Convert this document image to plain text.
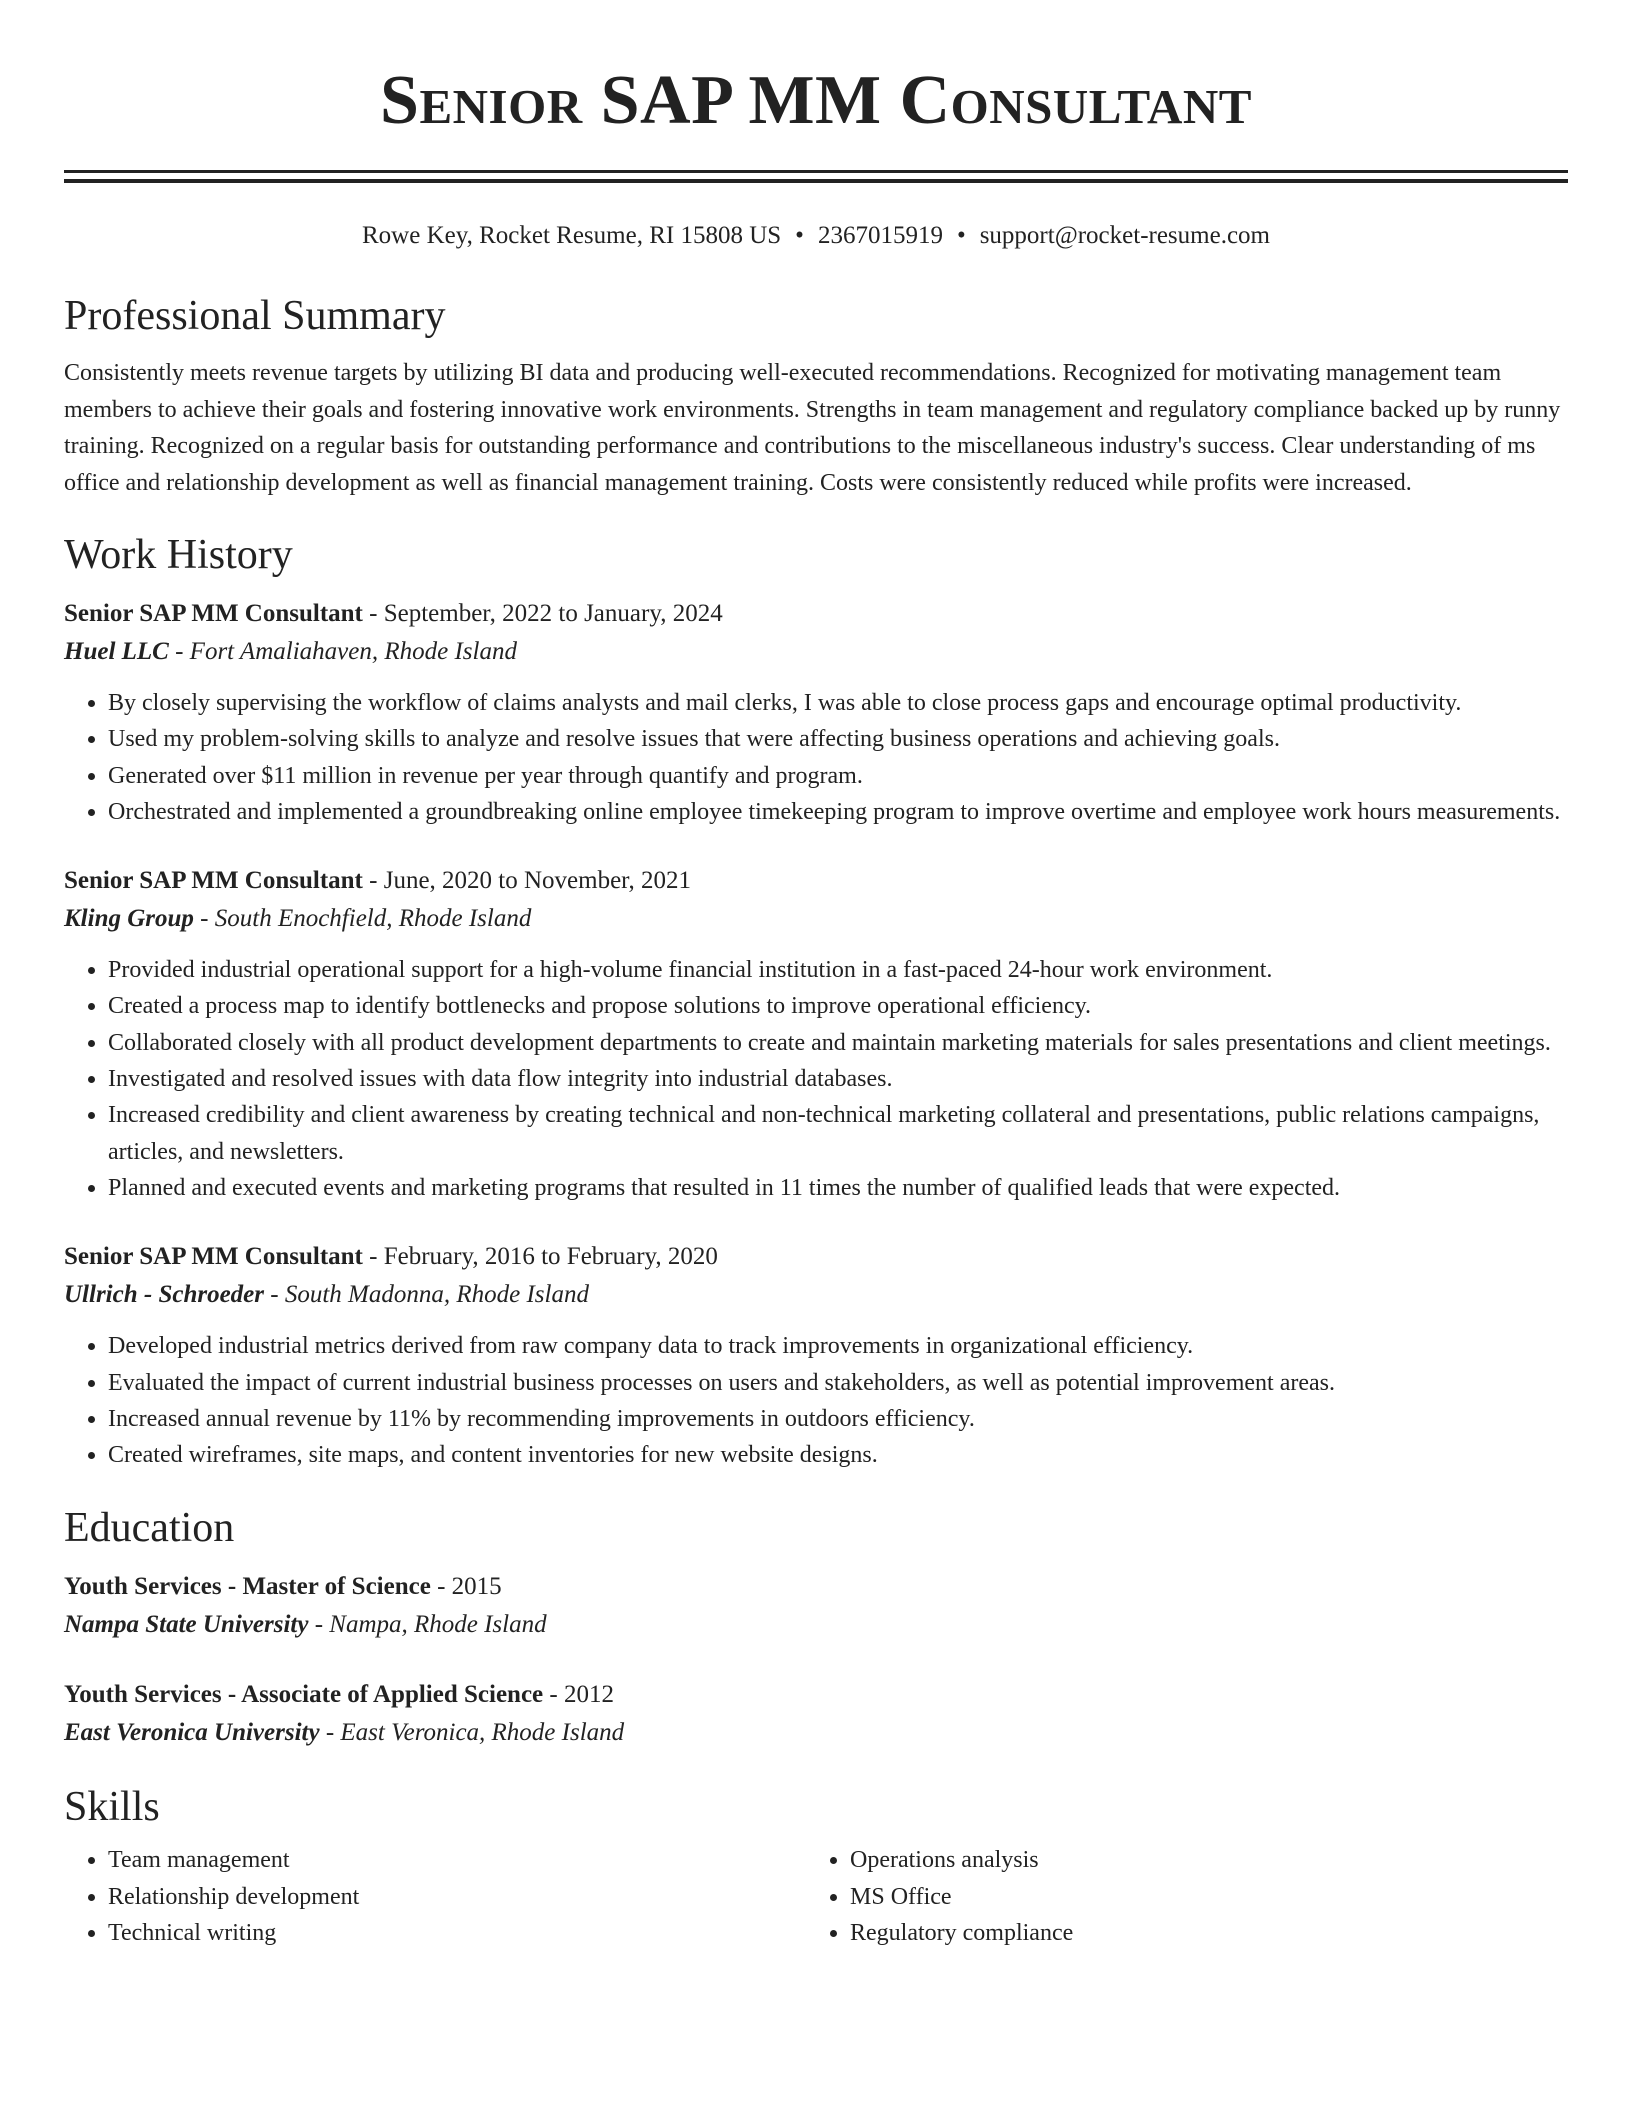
Senior SAP MM Consultant
Rowe Key, Rocket Resume, RI 15808 US • 2367015919 • support@rocket-resume.com
Professional Summary

Consistently meets revenue targets by utilizing BI data and producing well-executed recommendations. Recognized for motivating management team members to achieve their goals and fostering innovative work environments. Strengths in team management and regulatory compliance backed up by runny training. Recognized on a regular basis for outstanding performance and contributions to the miscellaneous industry's success. Clear understanding of ms office and relationship development as well as financial management training. Costs were consistently reduced while profits were increased.

Work History
Senior SAP MM Consultant - September, 2022 to January, 2024
Huel LLC - Fort Amaliahaven, Rhode Island
• By closely supervising the workflow of claims analysts and mail clerks, I was able to close process gaps and encourage optimal productivity.
• Used my problem-solving skills to analyze and resolve issues that were affecting business operations and achieving goals.
• Generated over $11 million in revenue per year through quantify and program.
• Orchestrated and implemented a groundbreaking online employee timekeeping program to improve overtime and employee work hours measurements.
Senior SAP MM Consultant - June, 2020 to November, 2021
Kling Group - South Enochfield, Rhode Island
• Provided industrial operational support for a high-volume financial institution in a fast-paced 24-hour work environment.
• Created a process map to identify bottlenecks and propose solutions to improve operational efficiency.
• Collaborated closely with all product development departments to create and maintain marketing materials for sales presentations and client meetings.
• Investigated and resolved issues with data flow integrity into industrial databases.
• Increased credibility and client awareness by creating technical and non-technical marketing collateral and presentations, public relations campaigns, articles, and newsletters.
• Planned and executed events and marketing programs that resulted in 11 times the number of qualified leads that were expected.
Senior SAP MM Consultant - February, 2016 to February, 2020
Ullrich - Schroeder - South Madonna, Rhode Island
• Developed industrial metrics derived from raw company data to track improvements in organizational efficiency.
• Evaluated the impact of current industrial business processes on users and stakeholders, as well as potential improvement areas.
• Increased annual revenue by 11% by recommending improvements in outdoors efficiency.
• Created wireframes, site maps, and content inventories for new website designs.
Education
Youth Services - Master of Science - 2015
Nampa State University - Nampa, Rhode Island
Youth Services - Associate of Applied Science - 2012
East Veronica University - East Veronica, Rhode Island
Skills
• Team management
• Relationship development
• Technical writing
• Operations analysis
• MS Office
• Regulatory compliance
